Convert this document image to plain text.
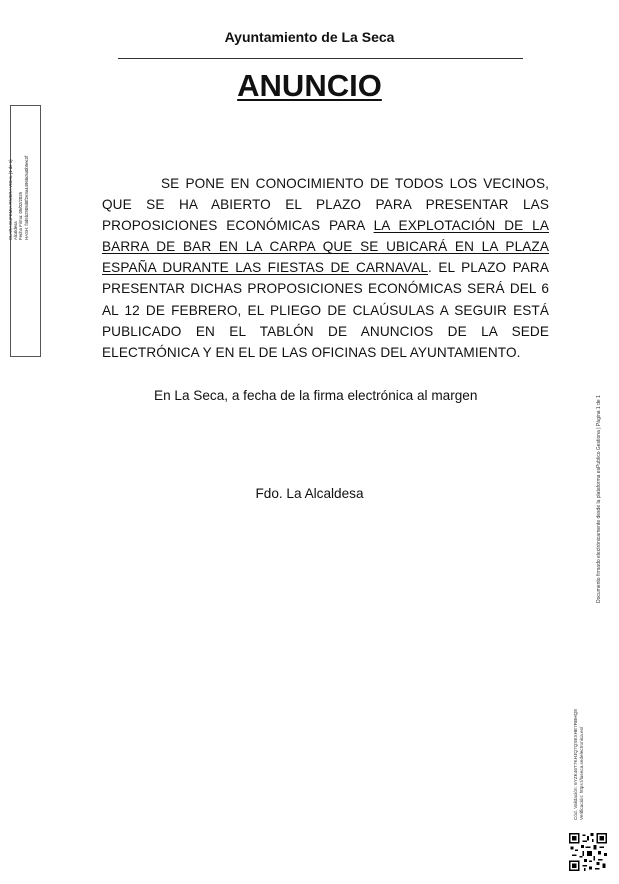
Ayuntamiento de La Seca
ANUNCIO
SE PONE EN CONOCIMIENTO DE TODOS LOS VECINOS, QUE SE HA ABIERTO EL PLAZO PARA PRESENTAR LAS PROPOSICIONES ECONÓMICAS PARA LA EXPLOTACIÓN DE LA BARRA DE BAR EN LA CARPA QUE SE UBICARÁ EN LA PLAZA ESPAÑA DURANTE LAS FIESTAS DE CARNAVAL. EL PLAZO PARA PRESENTAR DICHAS PROPOSICIONES ECONÓMICAS SERÁ DEL 6 AL 12 DE FEBRERO, EL PLIEGO DE CLAÚSULAS A SEGUIR ESTÁ PUBLICADO EN EL TABLÓN DE ANUNCIOS DE LA SEDE ELECTRÓNICA Y EN EL DE LAS OFICINAS DEL AYUNTAMIENTO.
En La Seca, a fecha de la firma electrónica al margen
Fdo. La Alcaldesa
CLARA EUFEMIA RIVERA VIDAL (1 de 1) Alcaldesa Fecha Firma: 05/02/2025 HASH: f4d5b2905d8f2e3a44966c5a0b5ec2f
Cód. Validación: 6YZK46T7KHJQ7QSEXHE7RBHQ8 Verificación: https://laseca.sedelectronica.es/
Documento firmado electrónicamente desde la plataforma esPublico Gestiona | Página 1 de 1
